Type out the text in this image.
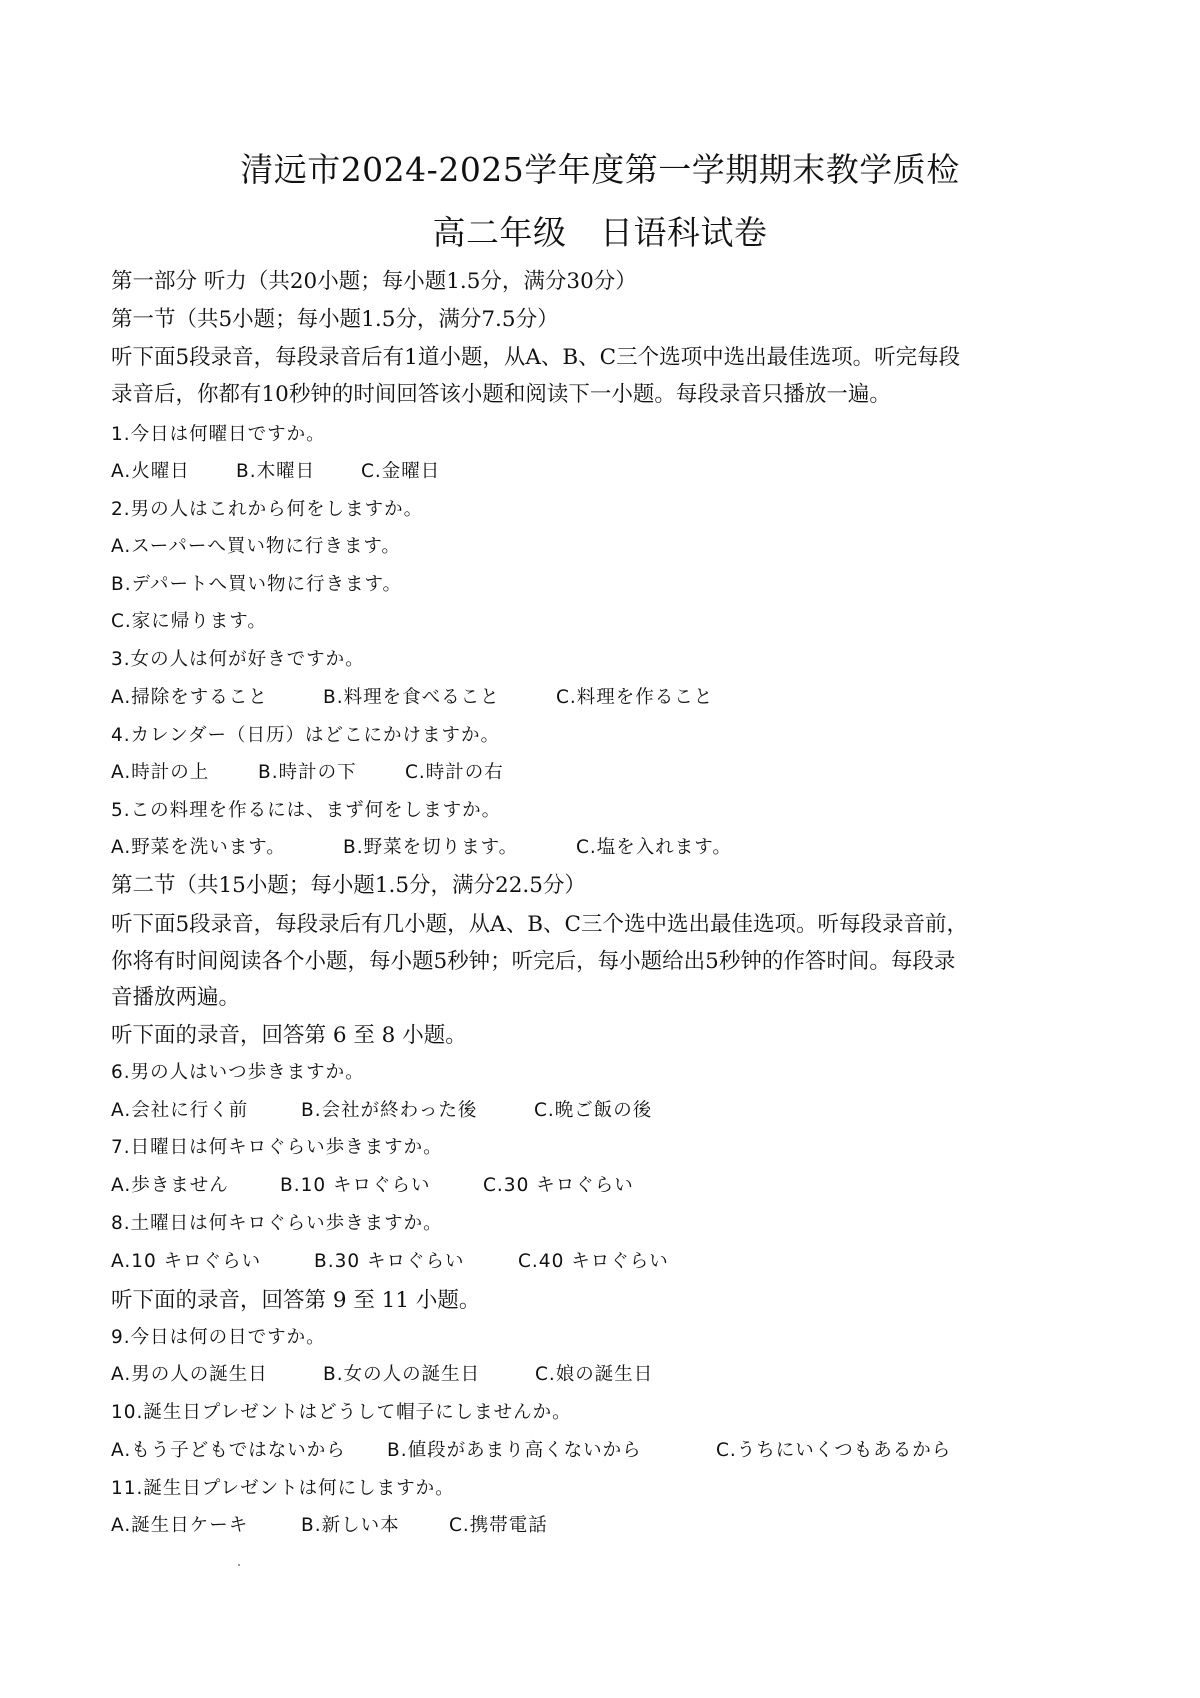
清远市2024-2025学年度第一学期期末教学质检
高二年级　日语科试卷
第一部分 听力（共20小题；每小题1.5分，满分30分）
第一节（共5小题；每小题1.5分，满分7.5分）
听下面5段录音，每段录音后有1道小题，从A、B、C三个选项中选出最佳选项。听完每段
录音后，你都有10秒钟的时间回答该小题和阅读下一小题。每段录音只播放一遍。
1.今日は何曜日ですか。
A.火曜日	B.木曜日 C.金曜日
2.男の人はこれから何をしますか。
A.スーパーへ買い物に行きます。
B.デパートへ買い物に行きます。
C.家に帰ります。
3.女の人は何が好きですか。
A.掃除をすること	B.料理を食べること	C.料理を作ること
4.カレンダー（日历）はどこにかけますか。
A.時計の上	B.時計の下	C.時計の右
5.この料理を作るには、まず何をしますか。
A.野菜を洗います。	B.野菜を切ります。	C.塩を入れます。
第二节（共15小题；每小题1.5分，满分22.5分）
听下面5段录音，每段录后有几小题，从A、B、C三个选中选出最佳选项。听每段录音前，
你将有时间阅读各个小题，每小题5秒钟；听完后，每小题给出5秒钟的作答时间。每段录
音播放两遍。
听下面的录音，回答第 6 至 8 小题。
6.男の人はいつ歩きますか。
A.会社に行く前	B.会社が終わった後	C.晩ご飯の後
7.日曜日は何キロぐらい歩きますか。
A.歩きません	B.10 キロぐらい	C.30 キロぐらい
8.土曜日は何キロぐらい歩きますか。
A.10 キロぐらい	B.30 キロぐらい	C.40 キロぐらい
听下面的录音，回答第 9 至 11 小题。
9.今日は何の日ですか。
A.男の人の誕生日	B.女の人の誕生日	C.娘の誕生日
10.誕生日プレゼントはどうして帽子にしませんか。
A.もう子どもではないから B.値段があまり高くないから	C.うちにいくつもあるから
11.誕生日プレゼントは何にしますか。
A.誕生日ケーキ	B.新しい本	C.携帯電話
